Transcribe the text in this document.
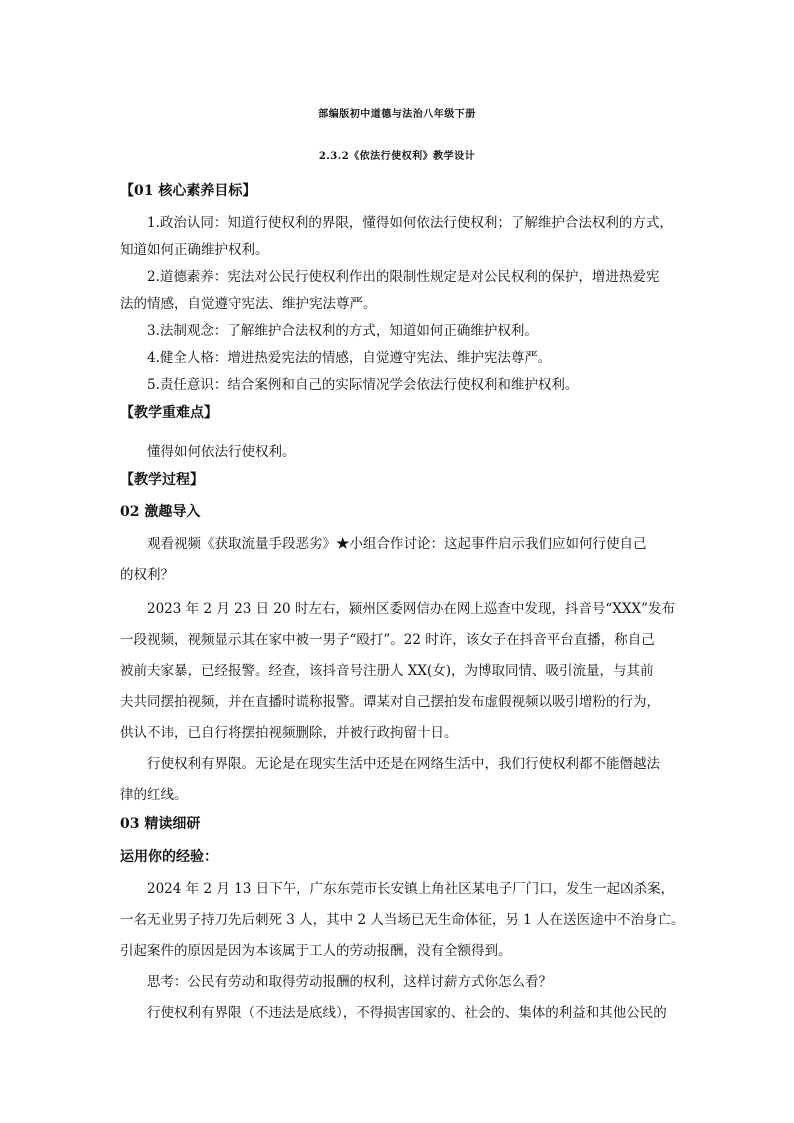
部编版初中道德与法治八年级下册
2.3.2《依法行使权利》教学设计
【01 核心素养目标】
1.政治认同：知道行使权利的界限，懂得如何依法行使权利；了解维护合法权利的方式，
知道如何正确维护权利。
2.道德素养：宪法对公民行使权利作出的限制性规定是对公民权利的保护，增进热爱宪
法的情感，自觉遵守宪法、维护宪法尊严。
3.法制观念：了解维护合法权利的方式，知道如何正确维护权利。
4.健全人格：增进热爱宪法的情感，自觉遵守宪法、维护宪法尊严。
5.责任意识：结合案例和自己的实际情况学会依法行使权利和维护权利。
【教学重难点】
懂得如何依法行使权利。
【教学过程】
02 激趣导入
观看视频《获取流量手段恶劣》★小组合作讨论：这起事件启示我们应如何行使自己
的权利？
2023 年 2 月 23 日 20 时左右，颍州区委网信办在网上巡查中发现，抖音号“XXX”发布
一段视频，视频显示其在家中被一男子“殴打”。22 时许，该女子在抖音平台直播，称自己
被前夫家暴，已经报警。经查，该抖音号注册人 XX(女)，为博取同情、吸引流量，与其前
夫共同摆拍视频，并在直播时谎称报警。谭某对自己摆拍发布虚假视频以吸引增粉的行为，
供认不讳，已自行将摆拍视频删除，并被行政拘留十日。
行使权利有界限。无论是在现实生活中还是在网络生活中，我们行使权利都不能僭越法
律的红线。
03 精读细研
运用你的经验：
2024 年 2 月 13 日下午，广东东莞市长安镇上角社区某电子厂门口，发生一起凶杀案，
一名无业男子持刀先后刺死 3 人，其中 2 人当场已无生命体征，另 1 人在送医途中不治身亡。
引起案件的原因是因为本该属于工人的劳动报酬，没有全额得到。
思考：公民有劳动和取得劳动报酬的权利，这样讨薪方式你怎么看？
行使权利有界限（不违法是底线），不得损害国家的、社会的、集体的利益和其他公民的
